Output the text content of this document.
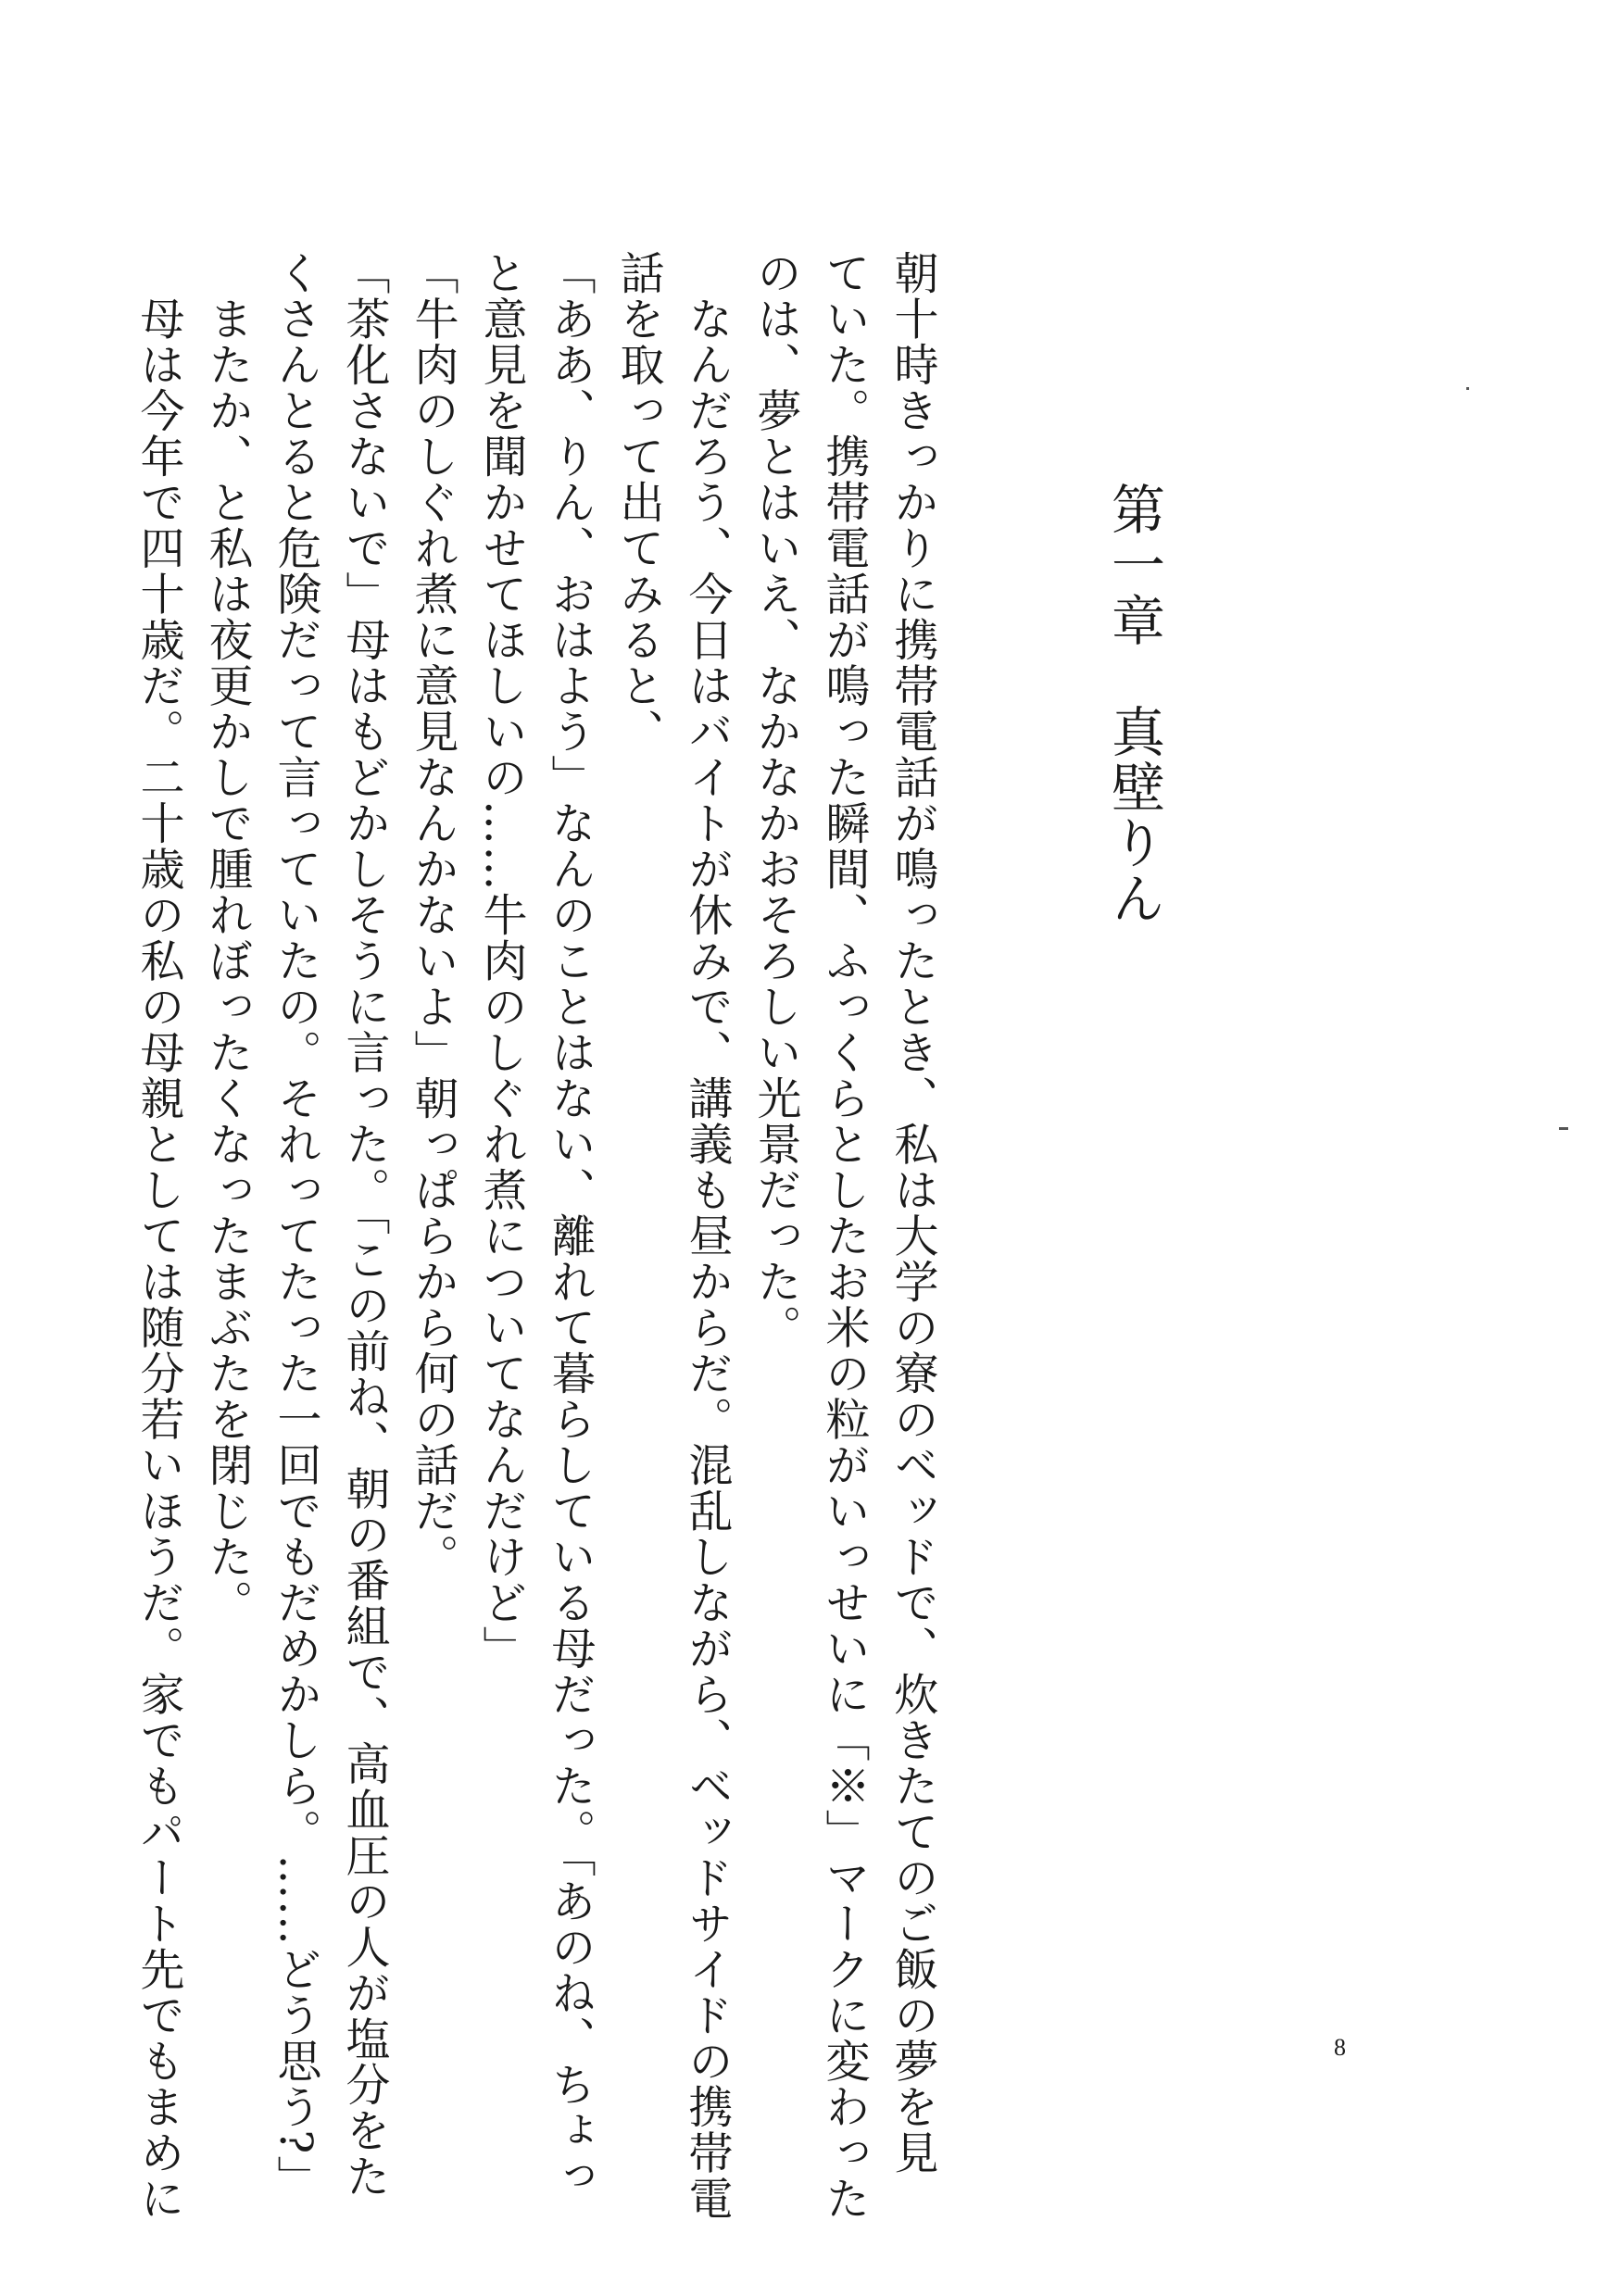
第一章真壁りん
朝十時きっかりに携帯電話が鳴ったとき、私は大学の寮のベッドで、炊きたてのご飯の夢を見
ていた。携帯電話が鳴った瞬間、ふっくらとしたお米の粒がいっせいに「※」マークに変わった
のは、夢とはいえ、なかなかおそろしい光景だった。
　なんだろう、今日はバイトが休みで、講義も昼からだ。混乱しながら、ベッドサイドの携帯電
話を取って出てみると、
「ああ、りん、おはよう」なんのことはない、離れて暮らしている母だった。「あのね、ちょっ
と意見を聞かせてほしいの……牛肉のしぐれ煮についてなんだけど」
「牛肉のしぐれ煮に意見なんかないよ」朝っぱらから何の話だ。
「茶化さないで」母はもどかしそうに言った。「この前ね、朝の番組で、高血圧の人が塩分をた
くさんとると危険だって言っていたの。それってたった一回でもだめかしら。……どう思う?」
　またか、と私は夜更かしで腫れぼったくなったまぶたを閉じた。
　母は今年で四十歳だ。二十歳の私の母親としては随分若いほうだ。家でもパート先でもまめに	8
